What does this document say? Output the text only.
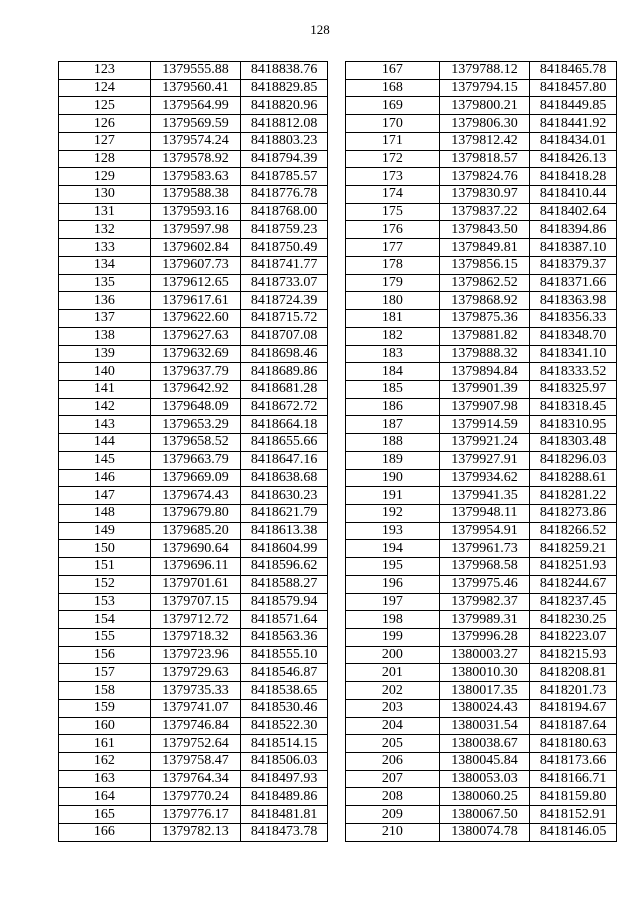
128
123	1379555.88	8418838.76
124	1379560.41	8418829.85
125	1379564.99	8418820.96
126	1379569.59	8418812.08
127	1379574.24	8418803.23
128	1379578.92	8418794.39
129	1379583.63	8418785.57
130	1379588.38	8418776.78
131	1379593.16	8418768.00
132	1379597.98	8418759.23
133	1379602.84	8418750.49
134	1379607.73	8418741.77
135	1379612.65	8418733.07
136	1379617.61	8418724.39
137	1379622.60	8418715.72
138	1379627.63	8418707.08
139	1379632.69	8418698.46
140	1379637.79	8418689.86
141	1379642.92	8418681.28
142	1379648.09	8418672.72
143	1379653.29	8418664.18
144	1379658.52	8418655.66
145	1379663.79	8418647.16
146	1379669.09	8418638.68
147	1379674.43	8418630.23
148	1379679.80	8418621.79
149	1379685.20	8418613.38
150	1379690.64	8418604.99
151	1379696.11	8418596.62
152	1379701.61	8418588.27
153	1379707.15	8418579.94
154	1379712.72	8418571.64
155	1379718.32	8418563.36
156	1379723.96	8418555.10
157	1379729.63	8418546.87
158	1379735.33	8418538.65
159	1379741.07	8418530.46
160	1379746.84	8418522.30
161	1379752.64	8418514.15
162	1379758.47	8418506.03
163	1379764.34	8418497.93
164	1379770.24	8418489.86
165	1379776.17	8418481.81
166	1379782.13	8418473.78
167	1379788.12	8418465.78
168	1379794.15	8418457.80
169	1379800.21	8418449.85
170	1379806.30	8418441.92
171	1379812.42	8418434.01
172	1379818.57	8418426.13
173	1379824.76	8418418.28
174	1379830.97	8418410.44
175	1379837.22	8418402.64
176	1379843.50	8418394.86
177	1379849.81	8418387.10
178	1379856.15	8418379.37
179	1379862.52	8418371.66
180	1379868.92	8418363.98
181	1379875.36	8418356.33
182	1379881.82	8418348.70
183	1379888.32	8418341.10
184	1379894.84	8418333.52
185	1379901.39	8418325.97
186	1379907.98	8418318.45
187	1379914.59	8418310.95
188	1379921.24	8418303.48
189	1379927.91	8418296.03
190	1379934.62	8418288.61
191	1379941.35	8418281.22
192	1379948.11	8418273.86
193	1379954.91	8418266.52
194	1379961.73	8418259.21
195	1379968.58	8418251.93
196	1379975.46	8418244.67
197	1379982.37	8418237.45
198	1379989.31	8418230.25
199	1379996.28	8418223.07
200	1380003.27	8418215.93
201	1380010.30	8418208.81
202	1380017.35	8418201.73
203	1380024.43	8418194.67
204	1380031.54	8418187.64
205	1380038.67	8418180.63
206	1380045.84	8418173.66
207	1380053.03	8418166.71
208	1380060.25	8418159.80
209	1380067.50	8418152.91
210	1380074.78	8418146.05
